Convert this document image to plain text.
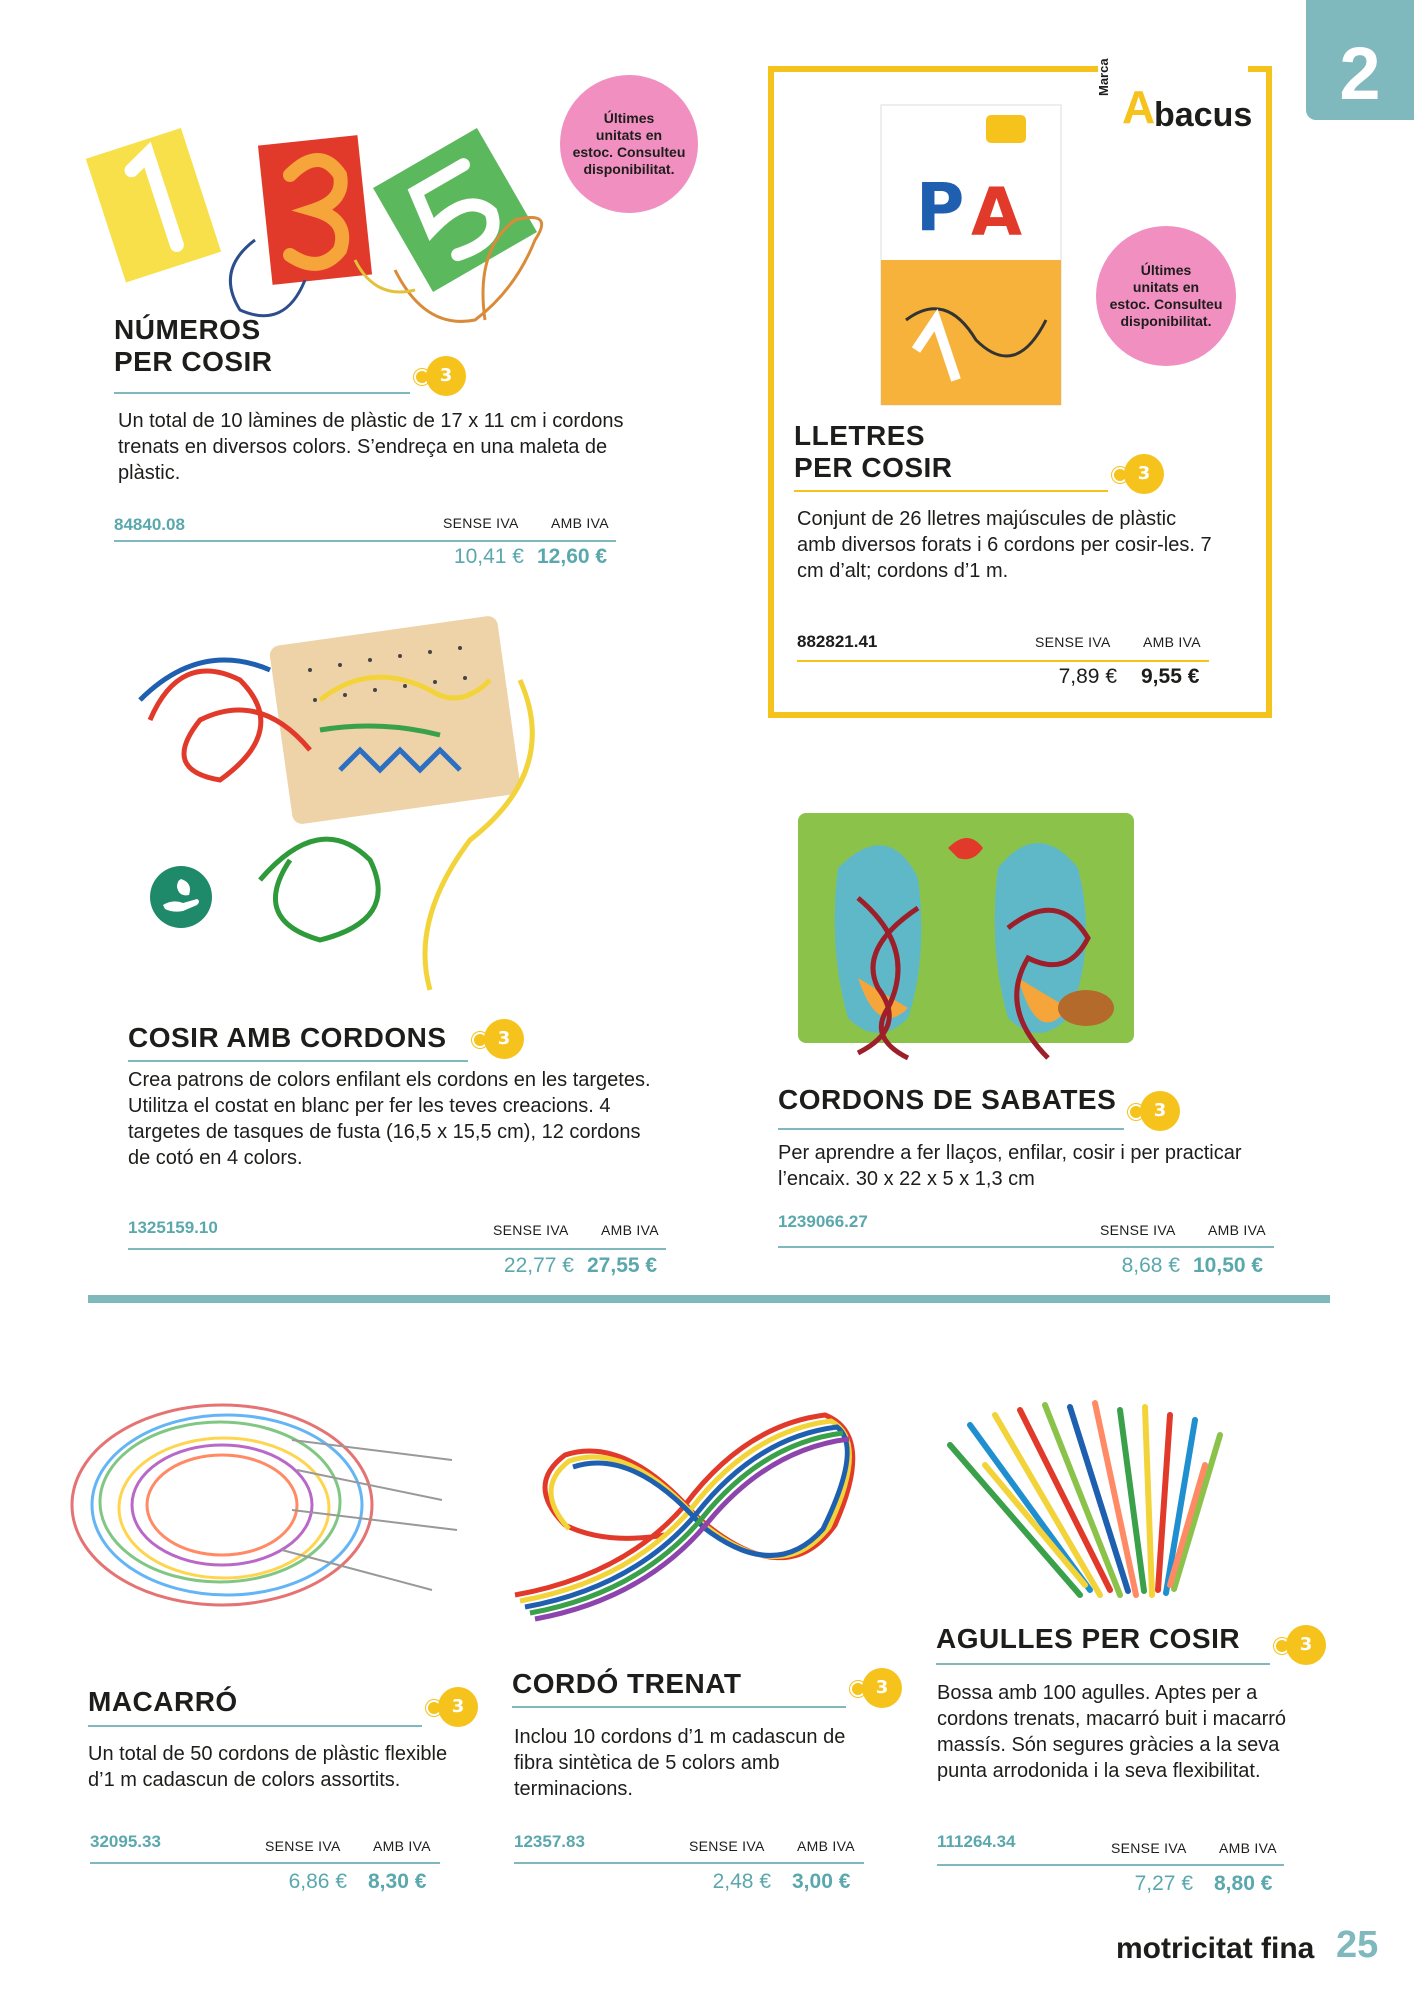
2
Últimes
unitats en
estoc. Consulteu
disponibilitat.
NÚMEROS
PER COSIR	3
Un total de 10 làmines de plàstic de 17 x 11 cm i cordons trenats en diversos colors. S’endreça en una maleta de plàstic.
84840.08	SENSE IVA AMB IVA
10,41 € 12,60 €
Marca
A
bacus
P A
Últimes
unitats en
estoc. Consulteu
disponibilitat.
LLETRES
PER COSIR	3
Conjunt de 26 lletres majúscules de plàstic amb diversos forats i 6 cordons per cosir-les. 7 cm d’alt; cordons d’1 m.
882821.41	SENSE IVA AMB IVA
7,89 € 9,55 €
COSIR AMB CORDONS	3
Crea patrons de colors enfilant els cordons en les targetes. Utilitza el costat en blanc per fer les teves creacions. 4 targetes de tasques de fusta (16,5 x 15,5 cm), 12 cordons de cotó en 4 colors.
1325159.10	SENSE IVA AMB IVA
22,77 € 27,55 €
CORDONS DE SABATES	3
Per aprendre a fer llaços, enfilar, cosir i per practicar l’encaix. 30 x 22 x 5 x 1,3 cm
1239066.27	SENSE IVA AMB IVA
8,68 € 10,50 €
MACARRÓ	3
Un total de 50 cordons de plàstic flexible d’1 m cadascun de colors assortits.
32095.33	SENSE IVA AMB IVA
6,86 € 8,30 €
CORDÓ TRENAT	3
Inclou 10 cordons d’1 m cadascun de fibra sintètica de 5 colors amb terminacions.
12357.83	SENSE IVA AMB IVA
2,48 € 3,00 €
AGULLES PER COSIR	3
Bossa amb 100 agulles. Aptes per a cordons trenats, macarró buit i macarró massís. Són segures gràcies a la seva punta arrodonida i la seva flexibilitat.
111264.34	SENSE IVA AMB IVA
7,27 € 8,80 €
motricitat fina 25
